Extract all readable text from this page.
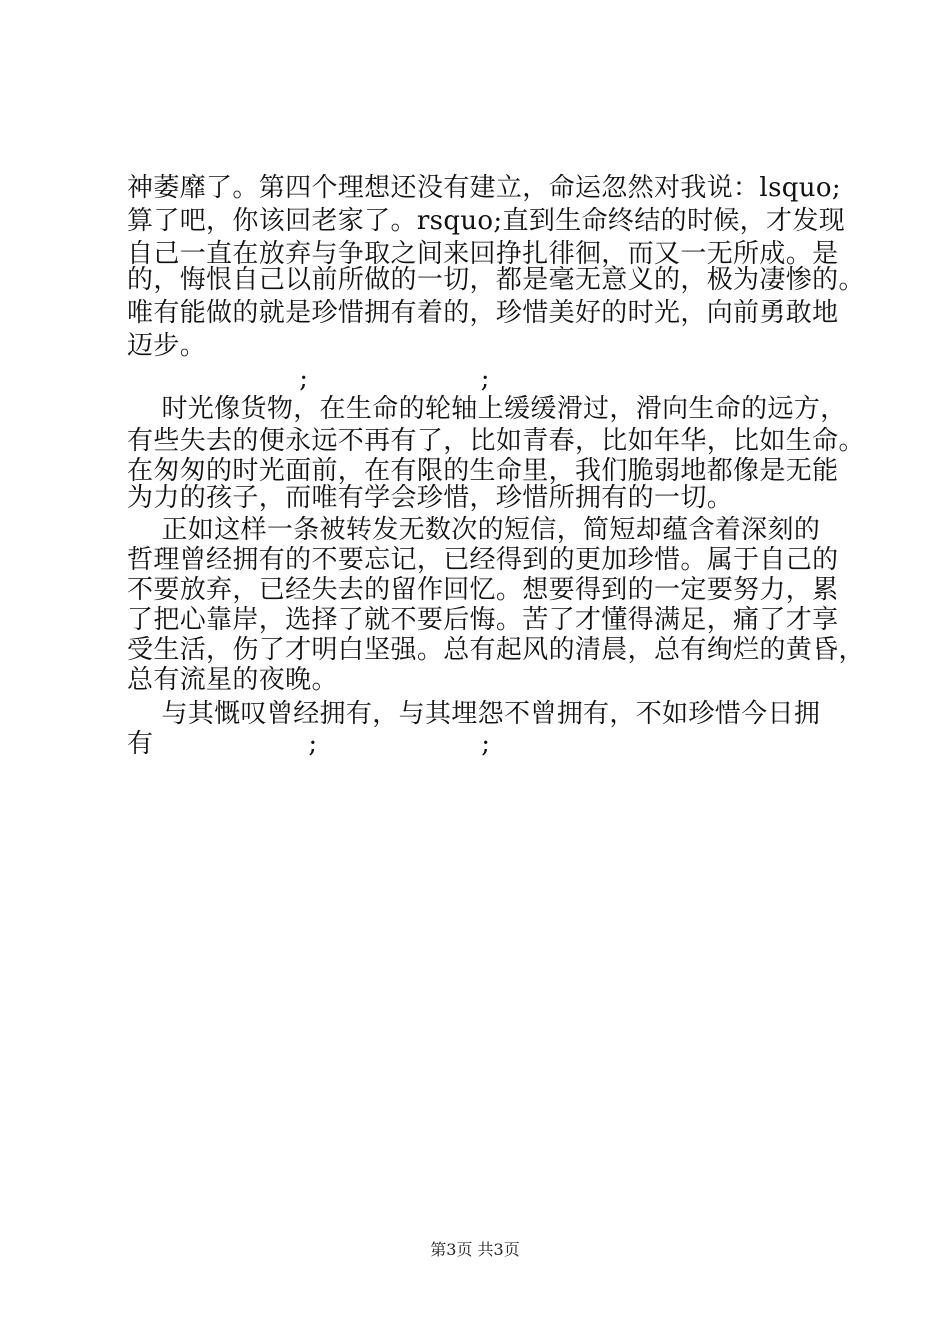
神萎靡了。第四个理想还没有建立，命运忽然对我说：lsquo;
算了吧，你该回老家了。rsquo;直到生命终结的时候，才发现
自己一直在放弃与争取之间来回挣扎徘徊，而又一无所成。是
的，悔恨自己以前所做的一切，都是毫无意义的，极为凄惨的。
唯有能做的就是珍惜拥有着的，珍惜美好的时光，向前勇敢地
迈步。
;                    ;
时光像货物，在生命的轮轴上缓缓滑过，滑向生命的远方，
有些失去的便永远不再有了，比如青春，比如年华，比如生命。
在匆匆的时光面前，在有限的生命里，我们脆弱地都像是无能
为力的孩子，而唯有学会珍惜，珍惜所拥有的一切。
正如这样一条被转发无数次的短信，简短却蕴含着深刻的
哲理曾经拥有的不要忘记，已经得到的更加珍惜。属于自己的
不要放弃，已经失去的留作回忆。想要得到的一定要努力，累
了把心靠岸，选择了就不要后悔。苦了才懂得满足，痛了才享
受生活，伤了才明白坚强。总有起风的清晨，总有绚烂的黄昏，
总有流星的夜晚。
与其慨叹曾经拥有，与其埋怨不曾拥有，不如珍惜今日拥
有                  ;                   ;
第3页 共3页
